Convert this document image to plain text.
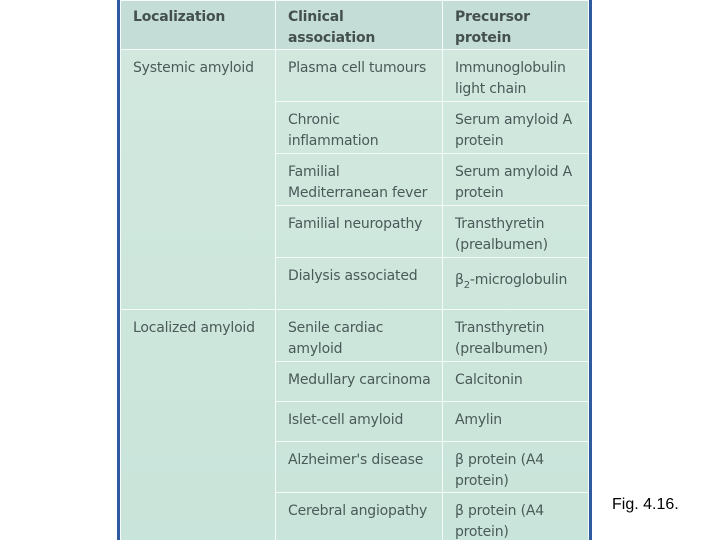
Localization	Clinical association	Precursor protein
Systemic amyloid	Plasma cell tumours	Immunoglobulin light chain
	Chronic inflammation	Serum amyloid A protein
	Familial Mediterranean fever	Serum amyloid A protein
	Familial neuropathy	Transthyretin (prealbumen)
	Dialysis associated	$\beta_2$-microglobulin
Localized amyloid	Senile cardiac amyloid	Transthyretin (prealbumen)
	Medullary carcinoma	Calcitonin
	Islet-cell amyloid	Amylin
	Alzheimer's disease	β protein (A4 protein)
	Cerebral angiopathy	β protein (A4 protein)
Fig. 4.16.
